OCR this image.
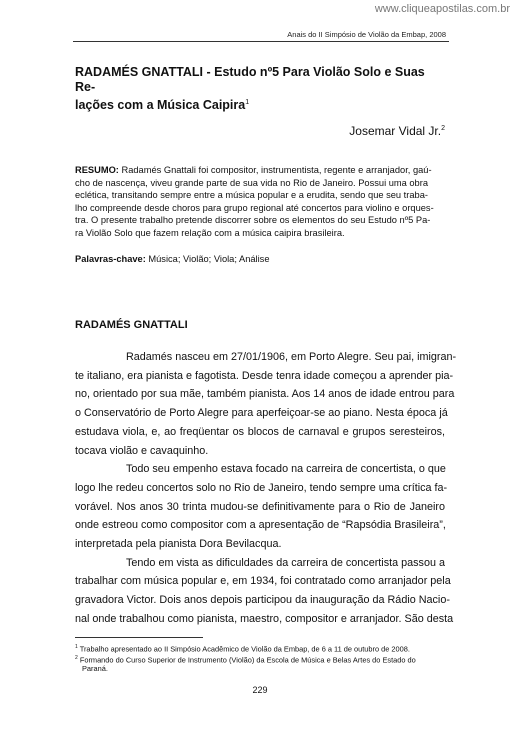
www.cliqueapostilas.com.br
Anais do II Simpósio de Violão da Embap, 2008
RADAMÉS GNATTALI - Estudo nº5 Para Violão Solo e Suas Re-
lações com a Música Caipira$^1$
Josemar Vidal Jr.$^2$
RESUMO: Radamés Gnattali foi compositor, instrumentista, regente e arranjador, gaú-
cho de nascença, viveu grande parte de sua vida no Rio de Janeiro. Possui uma obra
eclética, transitando sempre entre a música popular e a erudita, sendo que seu traba-
lho compreende desde choros para grupo regional até concertos para violino e orques-
tra. O presente trabalho pretende discorrer sobre os elementos do seu Estudo nº5 Pa-
ra Violão Solo que fazem relação com a música caipira brasileira.
Palavras-chave: Música; Violão; Viola; Análise
RADAMÉS GNATTALI
Radamés nasceu em 27/01/1906, em Porto Alegre. Seu pai, imigran-
te italiano, era pianista e fagotista. Desde tenra idade começou a aprender pia-
no, orientado por sua mãe, também pianista. Aos 14 anos de idade entrou para
o Conservatório de Porto Alegre para aperfeiçoar-se ao piano. Nesta época já
estudava viola, e, ao freqüentar os blocos de carnaval e grupos seresteiros,
tocava violão e cavaquinho.
Todo seu empenho estava focado na carreira de concertista, o que
logo lhe redeu concertos solo no Rio de Janeiro, tendo sempre uma crítica fa-
vorável. Nos anos 30 trinta mudou-se definitivamente para o Rio de Janeiro
onde estreou como compositor com a apresentação de “Rapsódia Brasileira”,
interpretada pela pianista Dora Bevilacqua.
Tendo em vista as dificuldades da carreira de concertista passou a
trabalhar com música popular e, em 1934, foi contratado como arranjador pela
gravadora Victor. Dois anos depois participou da inauguração da Rádio Nacio-
nal onde trabalhou como pianista, maestro, compositor e arranjador. São desta
$^1$ Trabalho apresentado ao II Simpósio Acadêmico de Violão da Embap, de 6 a 11 de outubro de 2008.
$^2$ Formando do Curso Superior de Instrumento (Violão) da Escola de Música e Belas Artes do Estado do
Paraná.
229
